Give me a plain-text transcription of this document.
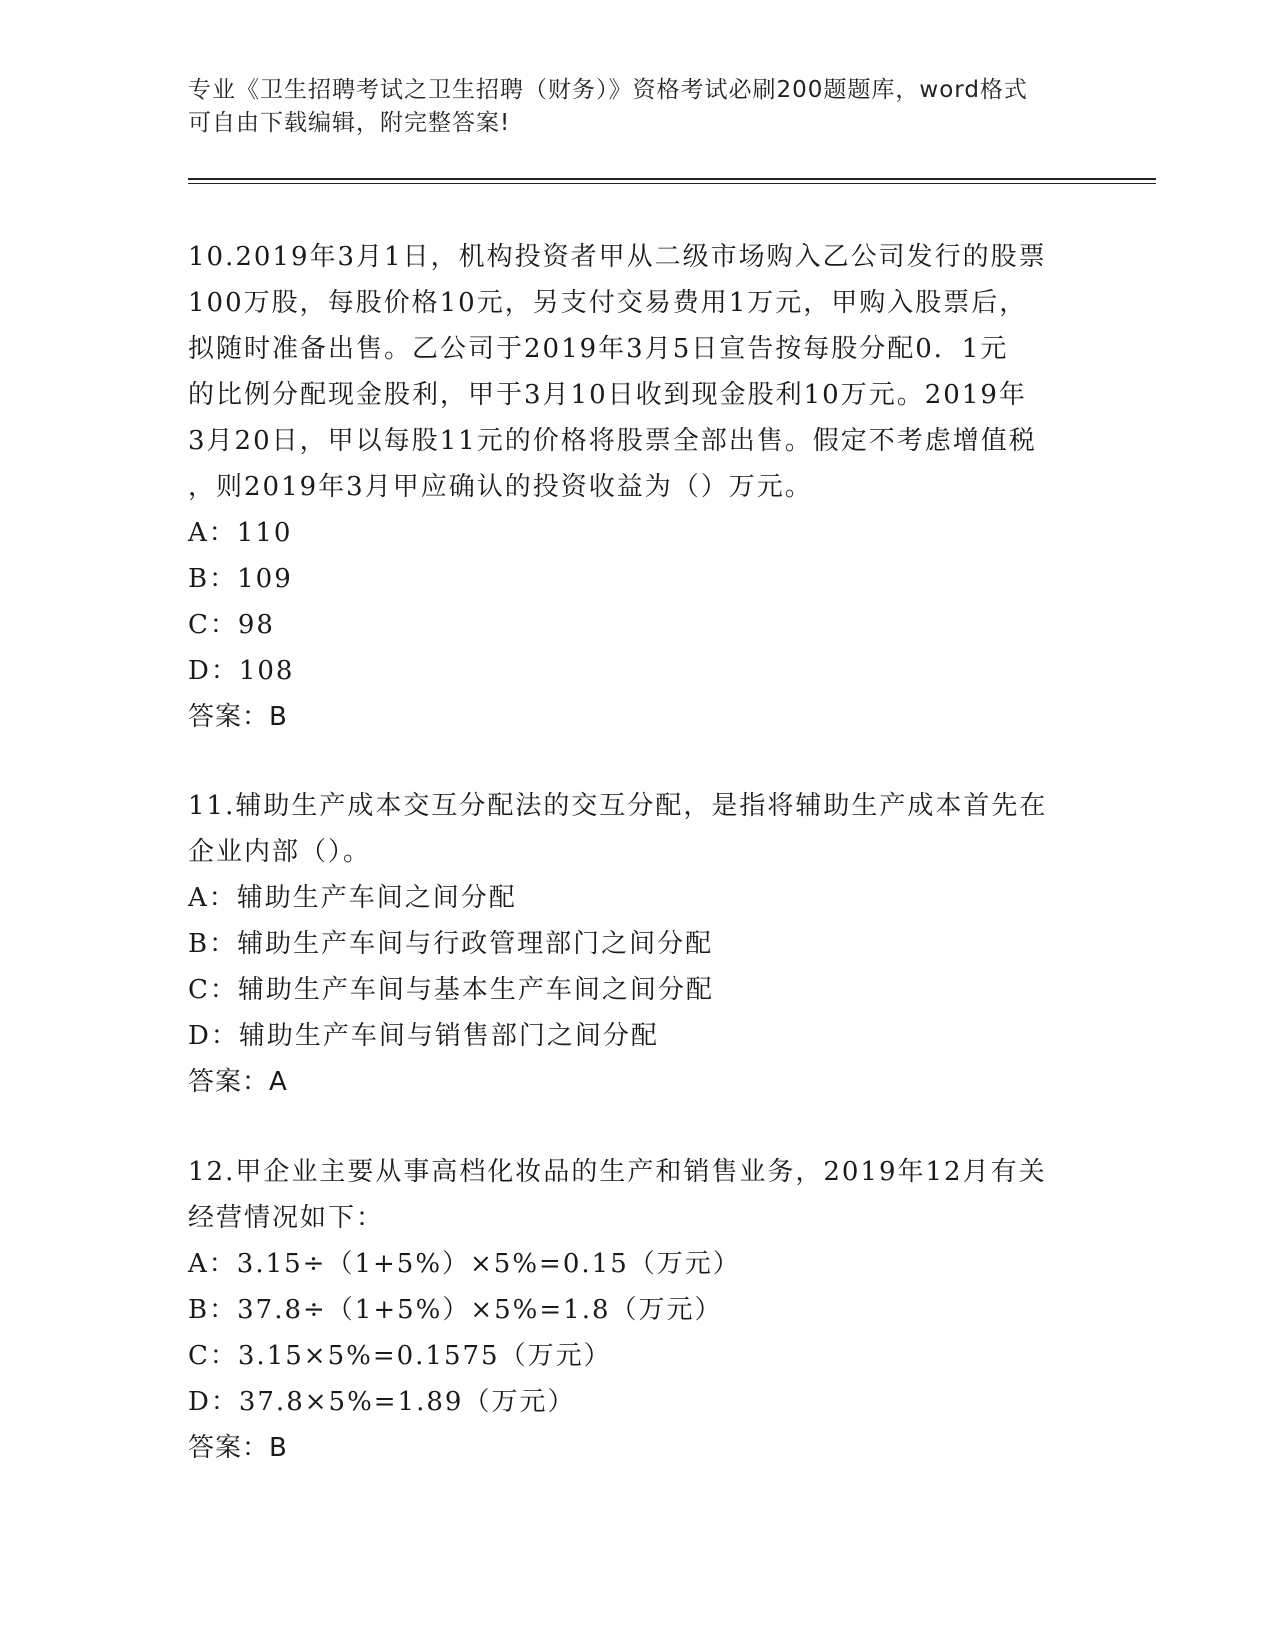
专业《卫生招聘考试之卫生招聘（财务）》资格考试必刷200题题库，word格式
可自由下载编辑，附完整答案!
10.2019年3月1日，机构投资者甲从二级市场购入乙公司发行的股票
100万股，每股价格10元，另支付交易费用1万元，甲购入股票后，
拟随时准备出售。乙公司于2019年3月5日宣告按每股分配0．1元
的比例分配现金股利，甲于3月10日收到现金股利10万元。2019年
3月20日，甲以每股11元的价格将股票全部出售。假定不考虑增值税
，则2019年3月甲应确认的投资收益为（）万元。
A：110
B：109
C：98
D：108
答案：B
11.辅助生产成本交互分配法的交互分配，是指将辅助生产成本首先在
企业内部（）。
A：辅助生产车间之间分配
B：辅助生产车间与行政管理部门之间分配
C：辅助生产车间与基本生产车间之间分配
D：辅助生产车间与销售部门之间分配
答案：A
12.甲企业主要从事高档化妆品的生产和销售业务，2019年12月有关
经营情况如下：
A：3.15÷（1+5%）×5%=0.15（万元）
B：37.8÷（1+5%）×5%=1.8（万元）
C：3.15×5%=0.1575（万元）
D：37.8×5%=1.89（万元）
答案：B
